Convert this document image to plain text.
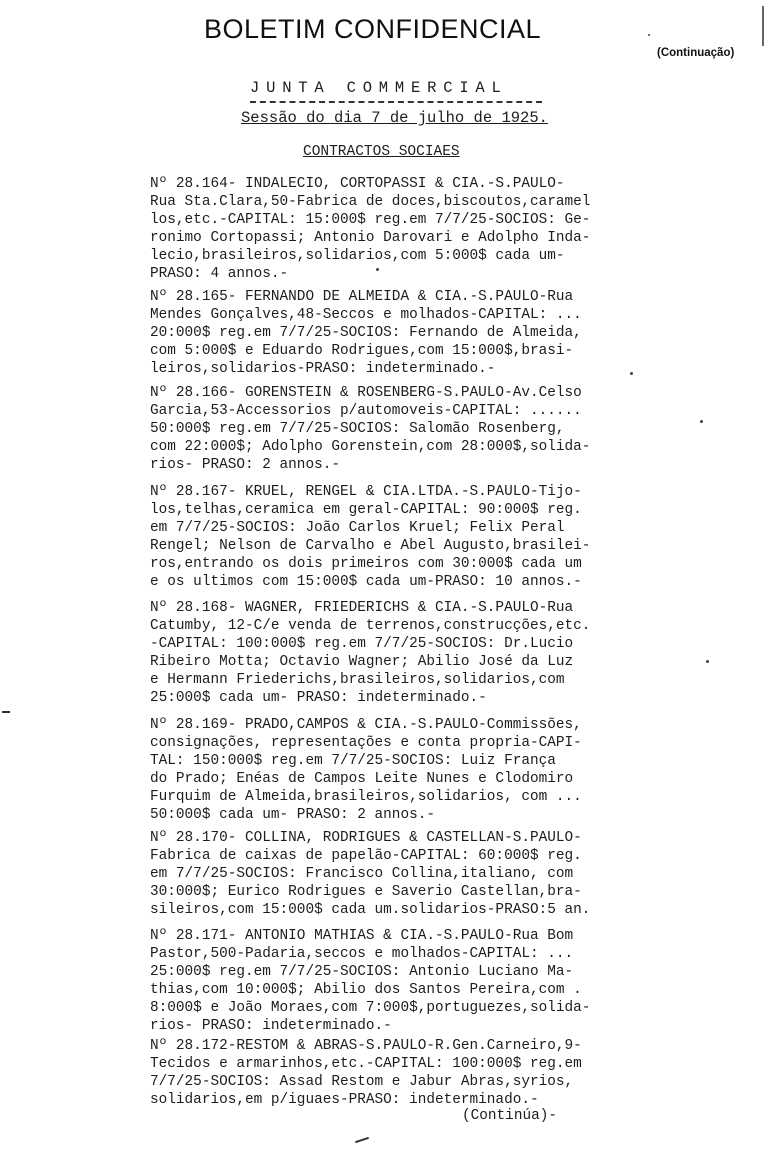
BOLETIM CONFIDENCIAL
(Continuação)
JUNTA COMMERCIAL
Sessão do dia 7 de julho de 1925.
CONTRACTOS SOCIAES
Nº 28.164- INDALECIO, CORTOPASSI & CIA.-S.PAULO-
Rua Sta.Clara,50-Fabrica de doces,biscoutos,caramel
los,etc.-CAPITAL: 15:000$ reg.em 7/7/25-SOCIOS: Ge-
ronimo Cortopassi; Antonio Darovari e Adolpho Inda-
lecio,brasileiros,solidarios,com 5:000$ cada um-
PRASO: 4 annos.-
Nº 28.165- FERNANDO DE ALMEIDA & CIA.-S.PAULO-Rua
Mendes Gonçalves,48-Seccos e molhados-CAPITAL: ...
20:000$ reg.em 7/7/25-SOCIOS: Fernando de Almeida,
com 5:000$ e Eduardo Rodrigues,com 15:000$,brasi-
leiros,solidarios-PRASO: indeterminado.-
Nº 28.166- GORENSTEIN & ROSENBERG-S.PAULO-Av.Celso
Garcia,53-Accessorios p/automoveis-CAPITAL: ......
50:000$ reg.em 7/7/25-SOCIOS: Salomão Rosenberg,
com 22:000$; Adolpho Gorenstein,com 28:000$,solida-
rios- PRASO: 2 annos.-
Nº 28.167- KRUEL, RENGEL & CIA.LTDA.-S.PAULO-Tijo-
los,telhas,ceramica em geral-CAPITAL: 90:000$ reg.
em 7/7/25-SOCIOS: João Carlos Kruel; Felix Peral
Rengel; Nelson de Carvalho e Abel Augusto,brasilei-
ros,entrando os dois primeiros com 30:000$ cada um
e os ultimos com 15:000$ cada um-PRASO: 10 annos.-
Nº 28.168- WAGNER, FRIEDERICHS & CIA.-S.PAULO-Rua
Catumby, 12-C/e venda de terrenos,construcções,etc.
-CAPITAL: 100:000$ reg.em 7/7/25-SOCIOS: Dr.Lucio
Ribeiro Motta; Octavio Wagner; Abilio José da Luz
e Hermann Friederichs,brasileiros,solidarios,com
25:000$ cada um- PRASO: indeterminado.-
Nº 28.169- PRADO,CAMPOS & CIA.-S.PAULO-Commissões,
consignações, representações e conta propria-CAPI-
TAL: 150:000$ reg.em 7/7/25-SOCIOS: Luiz França
do Prado; Enéas de Campos Leite Nunes e Clodomiro
Furquim de Almeida,brasileiros,solidarios, com ...
50:000$ cada um- PRASO: 2 annos.-
Nº 28.170- COLLINA, RODRIGUES & CASTELLAN-S.PAULO-
Fabrica de caixas de papelão-CAPITAL: 60:000$ reg.
em 7/7/25-SOCIOS: Francisco Collina,italiano, com
30:000$; Eurico Rodrigues e Saverio Castellan,bra-
sileiros,com 15:000$ cada um.solidarios-PRASO:5 an.
Nº 28.171- ANTONIO MATHIAS & CIA.-S.PAULO-Rua Bom
Pastor,500-Padaria,seccos e molhados-CAPITAL: ...
25:000$ reg.em 7/7/25-SOCIOS: Antonio Luciano Ma-
thias,com 10:000$; Abilio dos Santos Pereira,com .
8:000$ e João Moraes,com 7:000$,portuguezes,solida-
rios- PRASO: indeterminado.-
Nº 28.172-RESTOM & ABRAS-S.PAULO-R.Gen.Carneiro,9-
Tecidos e armarinhos,etc.-CAPITAL: 100:000$ reg.em
7/7/25-SOCIOS: Assad Restom e Jabur Abras,syrios,
solidarios,em p/iguaes-PRASO: indeterminado.-
(Continúa)-
